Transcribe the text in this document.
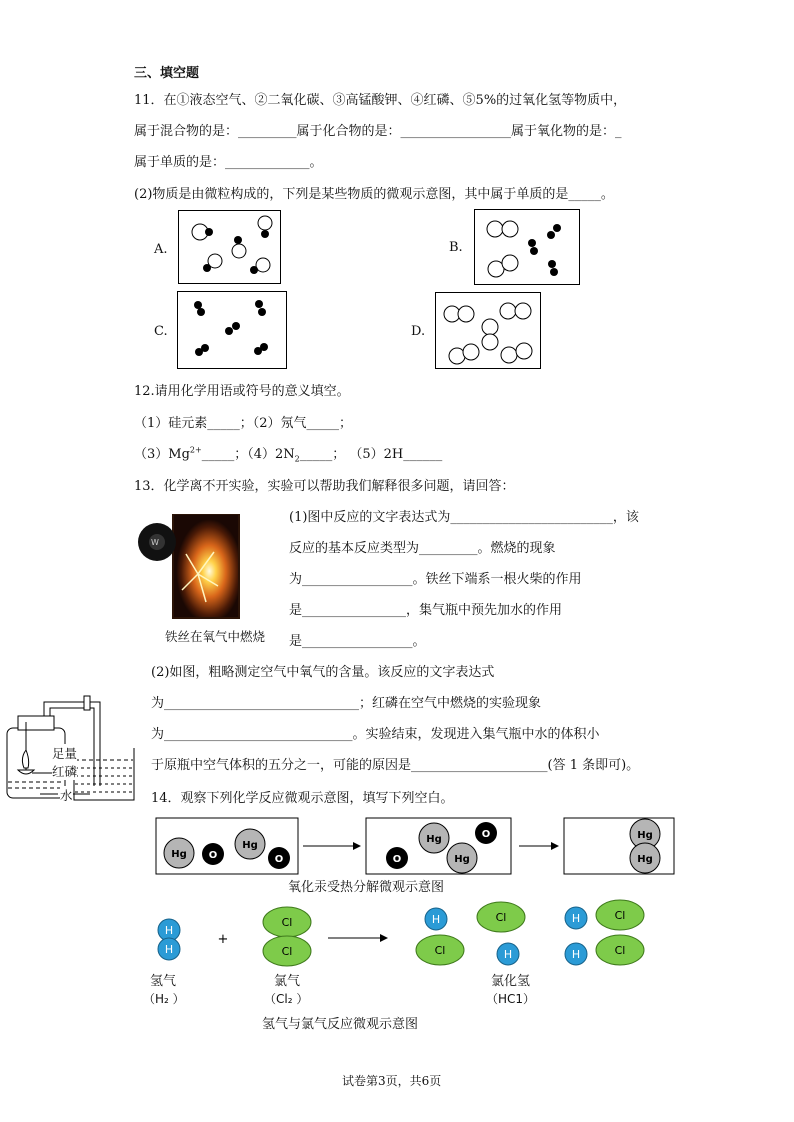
三、填空题
11．在①液态空气、②二氧化碳、③高锰酸钾、④红磷、⑤5%的过氧化氢等物质中，
属于混合物的是：_________属于化合物的是：_________________属于氧化物的是：_
属于单质的是：_____________。
(2)物质是由微粒构成的，下列是某些物质的微观示意图，其中属于单质的是_____。
A.	B.
C.	D.
12.请用化学用语或符号的意义填空。
（1）硅元素_____；（2）氖气_____；
$(3)Mg^{2+}\_\_\_\_\_$；$(4)2N_2\_\_\_\_\_$； （5）2H______
13．化学离不开实验，实验可以帮助我们解释很多问题，请回答：
W
铁丝在氧气中燃烧
(1)图中反应的文字表达式为_________________________，该
反应的基本反应类型为_________。燃烧的现象
为_________________。铁丝下端系一根火柴的作用
是________________，集气瓶中预先加水的作用
是_________________。
(2)如图，粗略测定空气中氧气的含量。该反应的文字表达式
为______________________________；红磷在空气中燃烧的实验现象
为_____________________________。实验结束，发现进入集气瓶中水的体积小
于原瓶中空气体积的五分之一，可能的原因是_____________________(答 1 条即可)。
足量
红磷
水	14．观察下列化学反应微观示意图，填写下列空白。
Hg O
Hg
O
Hg
Hg
O
O
Hg
Hg
氧化汞受热分解微观示意图
H
H
+
Cl
Cl
H	Cl
Cl	H
H	Cl
H	Cl
氢气	氯气	氯化氢
（H₂ ）	（Cl₂ ）	（HC1）
氢气与氯气反应微观示意图
试卷第3页，共6页
